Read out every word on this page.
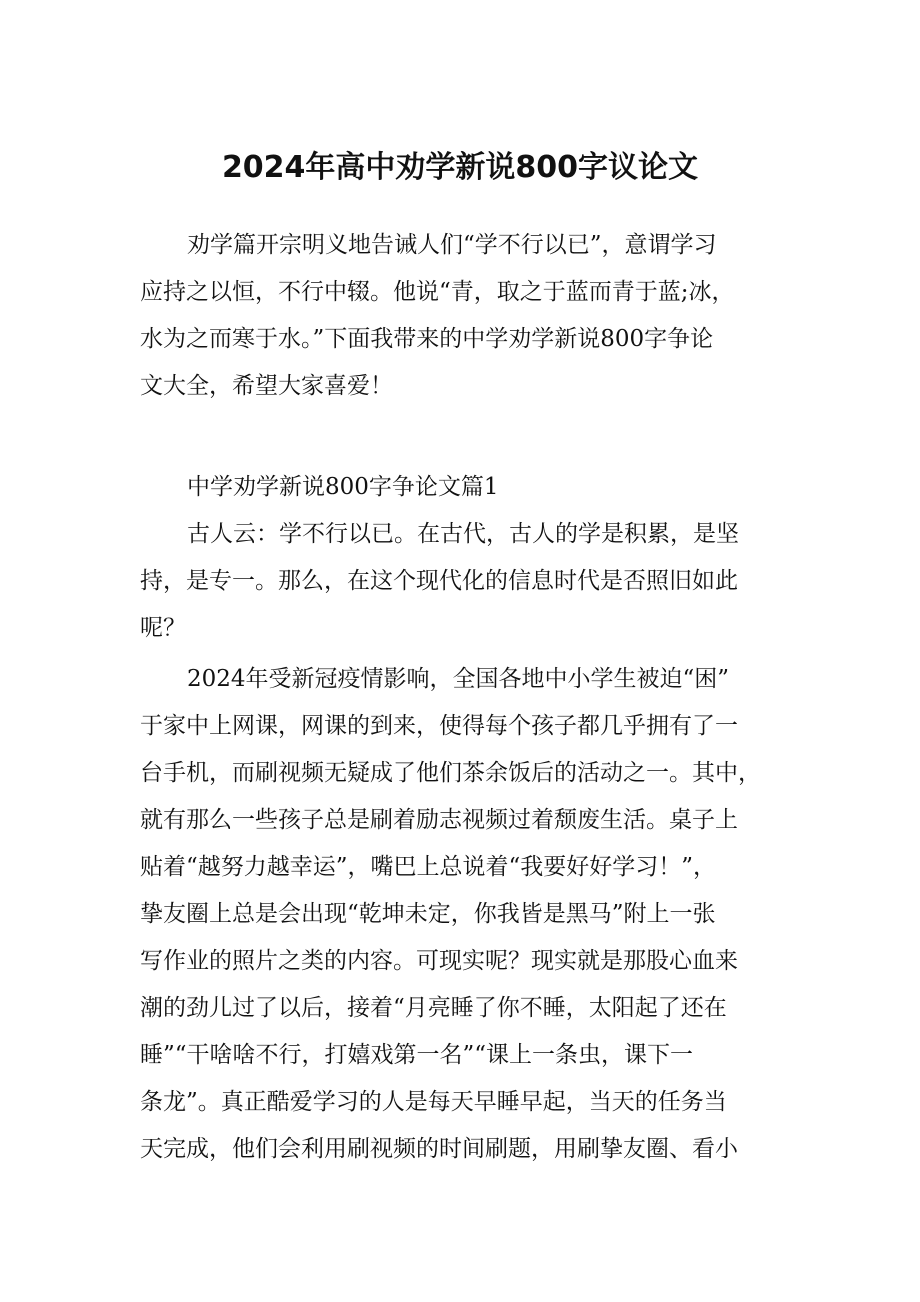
2024年高中劝学新说800字议论文
劝学篇开宗明义地告诫人们“学不行以已”，意谓学习
应持之以恒，不行中辍。他说“青，取之于蓝而青于蓝;冰，
水为之而寒于水。”下面我带来的中学劝学新说800字争论
文大全，希望大家喜爱！
中学劝学新说800字争论文篇1
古人云：学不行以已。在古代，古人的学是积累，是坚
持，是专一。那么，在这个现代化的信息时代是否照旧如此
呢？
2024年受新冠疫情影响，全国各地中小学生被迫“困”
于家中上网课，网课的到来，使得每个孩子都几乎拥有了一
台手机，而刷视频无疑成了他们茶余饭后的活动之一。其中，
就有那么一些孩子总是刷着励志视频过着颓废生活。桌子上
贴着“越努力越幸运”，嘴巴上总说着“我要好好学习！”，
挚友圈上总是会出现“乾坤未定，你我皆是黑马”附上一张
写作业的照片之类的内容。可现实呢？现实就是那股心血来
潮的劲儿过了以后，接着“月亮睡了你不睡，太阳起了还在
睡”“干啥啥不行，打嬉戏第一名”“课上一条虫，课下一
条龙”。真正酷爱学习的人是每天早睡早起，当天的任务当
天完成，他们会利用刷视频的时间刷题，用刷挚友圈、看小
